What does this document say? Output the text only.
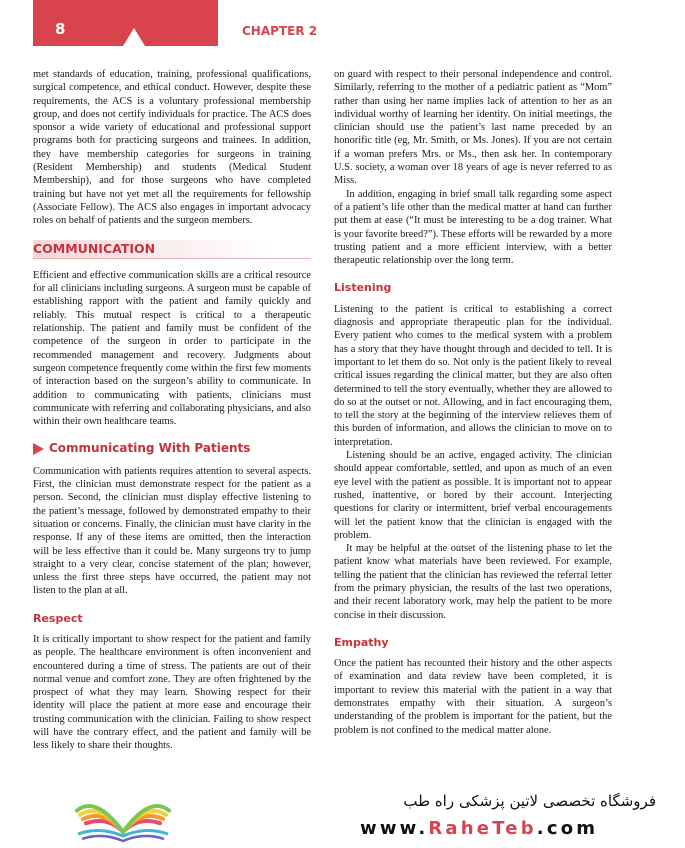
8	CHAPTER 2

met standards of education, training, professional qualifications, surgical competence, and ethical conduct. However, despite these requirements, the ACS is a voluntary professional membership group, and does not certify individuals for practice. The ACS does sponsor a wide variety of educational and professional support programs both for practicing surgeons and trainees. In addition, they have membership categories for surgeons in training (Resident Membership) and students (Medical Student Membership), and for those surgeons who have completed training but have not yet met all the requirements for fellowship (Associate Fellow). The ACS also engages in important advocacy roles on behalf of patients and the surgeon members.

COMMUNICATION

Efficient and effective communication skills are a critical resource for all clinicians including surgeons. A surgeon must be capable of establishing rapport with the patient and family quickly and reliably. This mutual respect is critical to a therapeutic relationship. The patient and family must be confident of the competence of the surgeon in order to participate in the recommended management and recovery. Judgments about surgeon competence frequently come within the first few moments of interaction based on the surgeon’s ability to communicate. In addition to communicating with patients, clinicians must communicate with referring and collaborating physicians, and also within their own healthcare teams.

Communicating With Patients

Communication with patients requires attention to several aspects. First, the clinician must demonstrate respect for the patient as a person. Second, the clinician must display effective listening to the patient’s message, followed by demonstrated empathy to their situation or concerns. Finally, the clinician must have clarity in the response. If any of these items are omitted, then the interaction will be less effective than it could be. Many surgeons try to jump straight to a very clear, concise statement of the plan; however, unless the first three steps have occurred, the patient may not listen to the plan at all.

Respect

It is critically important to show respect for the patient and family as people. The healthcare environment is often inconvenient and encountered during a time of stress. The patients are out of their normal venue and comfort zone. They are often frightened by the prospect of what they may learn. Showing respect for their identity will place the patient at more ease and encourage their trusting communication with the clinician. Failing to show respect will have the contrary effect, and the patient and family will be less likely to share their thoughts.

on guard with respect to their personal independence and control. Similarly, referring to the mother of a pediatric patient as “Mom” rather than using her name implies lack of attention to her as an individual worthy of learning her identity. On initial meetings, the clinician should use the patient’s last name preceded by an honorific title (eg, Mr. Smith, or Ms. Jones). If you are not certain if a woman prefers Mrs. or Ms., then ask her. In contemporary U.S. society, a woman over 18 years of age is never referred to as Miss.

In addition, engaging in brief small talk regarding some aspect of a patient’s life other than the medical matter at hand can further put them at ease (“It must be interesting to be a dog trainer. What is your favorite breed?”). These efforts will be rewarded by a more trusting patient and a more efficient interview, with a better therapeutic relationship over the long term.

Listening

Listening to the patient is critical to establishing a correct diagnosis and appropriate therapeutic plan for the individual. Every patient who comes to the medical system with a problem has a story that they have thought through and decided to tell. It is important to let them do so. Not only is the patient likely to reveal critical issues regarding the clinical matter, but they are also often determined to tell the story eventually, whether they are allowed to do so at the outset or not. Allowing, and in fact encouraging them, to tell the story at the beginning of the interview relieves them of this burden of information, and allows the clinician to move on to interpretation.

Listening should be an active, engaged activity. The clinician should appear comfortable, settled, and upon as much of an even eye level with the patient as possible. It is important not to appear rushed, inattentive, or bored by their account. Interjecting questions for clarity or intermittent, brief verbal encouragements will let the patient know that the clinician is engaged with the problem.

It may be helpful at the outset of the listening phase to let the patient know what materials have been reviewed. For example, telling the patient that the clinician has reviewed the referral letter from the primary physician, the results of the last two operations, and their recent laboratory work, may help the patient to be more concise in their discussion.

Empathy

Once the patient has recounted their history and the other aspects of examination and data review have been completed, it is important to review this material with the patient in a way that demonstrates empathy with their situation. A surgeon’s understanding of the problem is important for the patient, but the problem is not confined to the medical matter alone.

فروشگاه تخصصی لاتین پزشکی راه طب
www.RaheTeb.com
